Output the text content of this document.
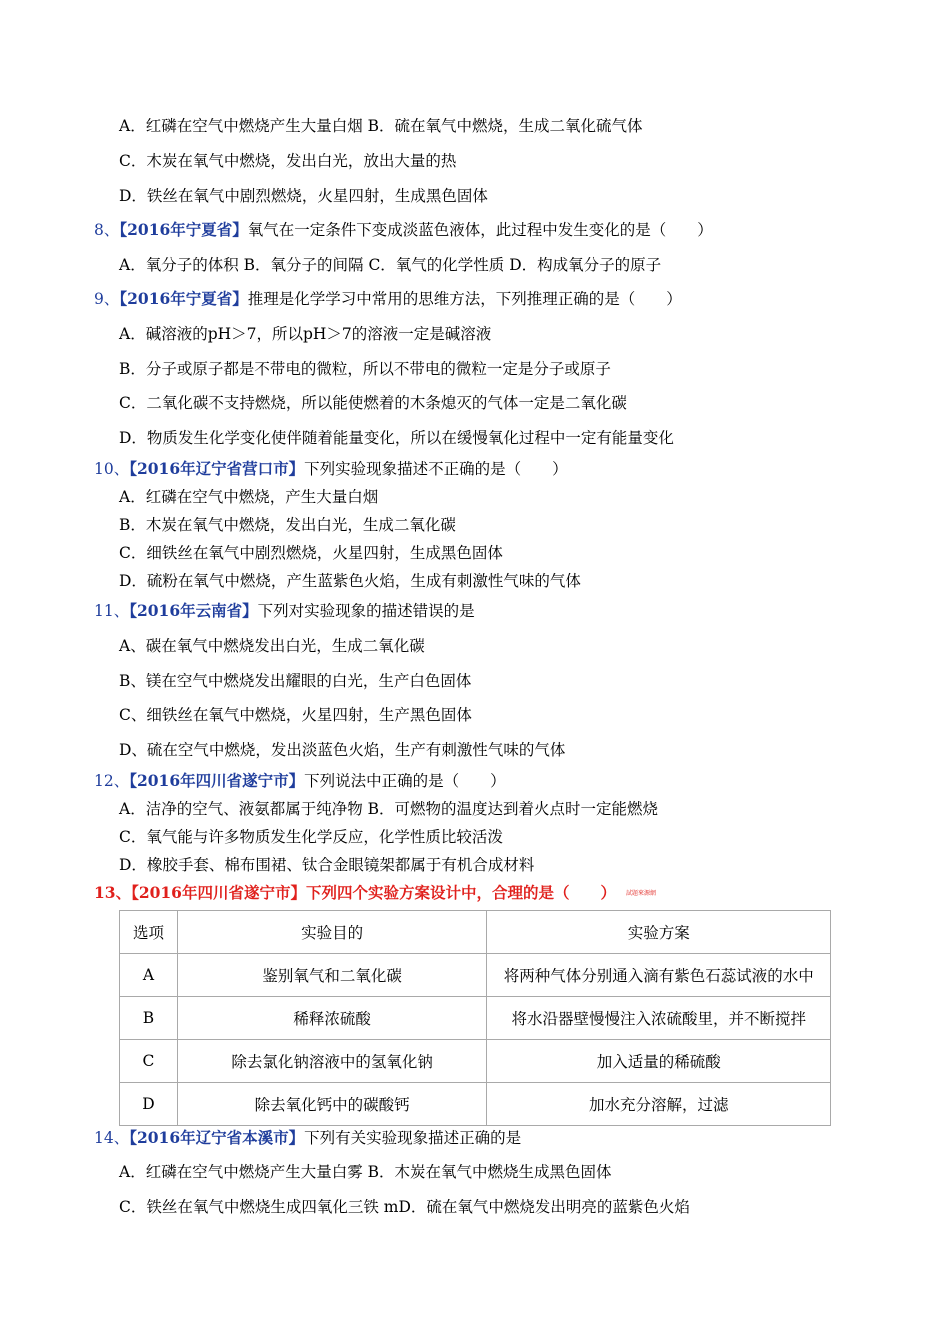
A．红磷在空气中燃烧产生大量白烟 B．硫在氧气中燃烧，生成二氧化硫气体
C．木炭在氧气中燃烧，发出白光，放出大量的热
D．铁丝在氧气中剧烈燃烧，火星四射，生成黑色固体
8、【2016年宁夏省】氧气在一定条件下变成淡蓝色液体，此过程中发生变化的是（　　）
A．氧分子的体积 B．氧分子的间隔 C．氧气的化学性质 D．构成氧分子的原子
9、【2016年宁夏省】推理是化学学习中常用的思维方法，下列推理正确的是（　　）
A．碱溶液的pH＞7，所以pH＞7的溶液一定是碱溶液
B．分子或原子都是不带电的微粒，所以不带电的微粒一定是分子或原子
C．二氧化碳不支持燃烧，所以能使燃着的木条熄灭的气体一定是二氧化碳
D．物质发生化学变化使伴随着能量变化，所以在缓慢氧化过程中一定有能量变化
10、【2016年辽宁省营口市】下列实验现象描述不正确的是（　　）
A．红磷在空气中燃烧，产生大量白烟
B．木炭在氧气中燃烧，发出白光，生成二氧化碳
C．细铁丝在氧气中剧烈燃烧，火星四射，生成黑色固体
D．硫粉在氧气中燃烧，产生蓝紫色火焰，生成有刺激性气味的气体
11、【2016年云南省】下列对实验现象的描述错误的是
A、碳在氧气中燃烧发出白光，生成二氧化碳
B、镁在空气中燃烧发出耀眼的白光，生产白色固体
C、细铁丝在氧气中燃烧，火星四射，生产黑色固体
D、硫在空气中燃烧，发出淡蓝色火焰，生产有刺激性气味的气体
12、【2016年四川省遂宁市】下列说法中正确的是（　　）
A．洁净的空气、液氨都属于纯净物 B．可燃物的温度达到着火点时一定能燃烧
C．氧气能与许多物质发生化学反应，化学性质比较活泼
D．橡胶手套、棉布围裙、钛合金眼镜架都属于有机合成材料
13、【2016年四川省遂宁市】下列四个实验方案设计中，合理的是（　　） 試題來源網
选项	实验目的	实验方案
A	鉴别氧气和二氧化碳	将两种气体分别通入滴有紫色石蕊试液的水中
B	稀释浓硫酸	将水沿器壁慢慢注入浓硫酸里，并不断搅拌
C	除去氯化钠溶液中的氢氧化钠	加入适量的稀硫酸
D	除去氧化钙中的碳酸钙	加水充分溶解，过滤
14、【2016年辽宁省本溪市】下列有关实验现象描述正确的是
A．红磷在空气中燃烧产生大量白雾 B．木炭在氧气中燃烧生成黑色固体
C．铁丝在氧气中燃烧生成四氧化三铁 mD．硫在氧气中燃烧发出明亮的蓝紫色火焰
